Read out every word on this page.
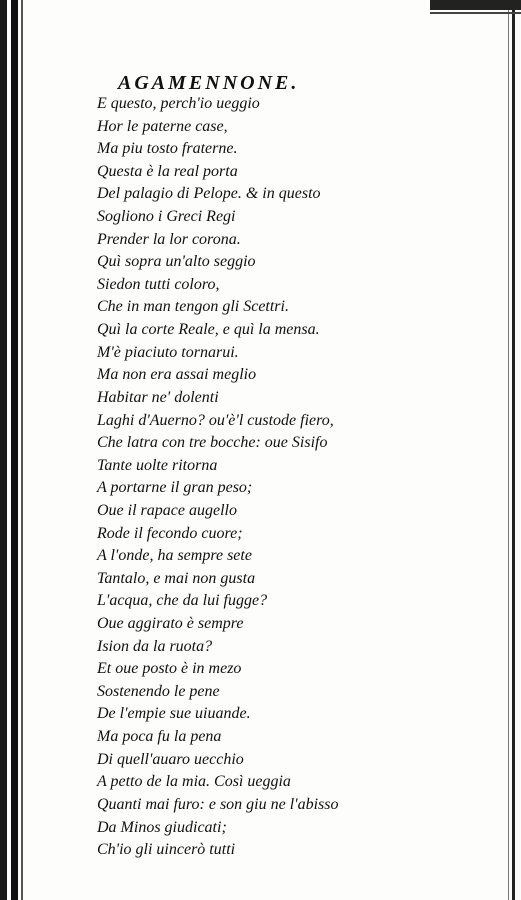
AGAMENNONE.
E questo, perch'io ueggio
Hor le paterne case,
Ma piu tosto fraterne.
Questa è la real porta
Del palagio di Pelope. & in questo
Sogliono i Greci Regi
Prender la lor corona.
Quì sopra un'alto seggio
Siedon tutti coloro,
Che in man tengon gli Scettri.
Quì la corte Reale, e quì la mensa.
M'è piaciuto tornarui.
Ma non era assai meglio
Habitar ne' dolenti
Laghi d'Auerno? ou'è'l custode fiero,
Che latra con tre bocche: oue Sisifo
Tante uolte ritorna
A portarne il gran peso;
Oue il rapace augello
Rode il fecondo cuore;
A l'onde, ha sempre sete
Tantalo, e mai non gusta
L'acqua, che da lui fugge?
Oue aggirato è sempre
Ision da la ruota?
Et oue posto è in mezo
Sostenendo le pene
De l'empie sue uiuande.
Ma poca fu la pena
Di quell'auaro uecchio
A petto de la mia. Così ueggia
Quanti mai furo: e son giu ne l'abisso
Da Minos giudicati;
Ch'io gli uincerò tutti
